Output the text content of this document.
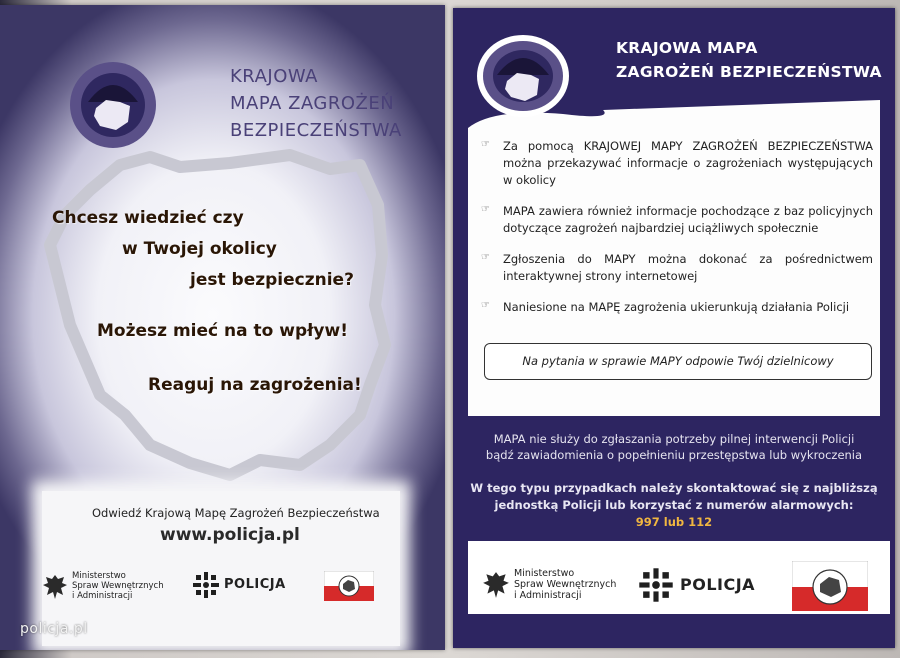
KRAJOWA
MAPA ZAGROŻEŃ
BEZPIECZEŃSTWA
Chcesz wiedzieć czy
w Twojej okolicy
jest bezpiecznie?
Możesz mieć na to wpływ!
Reaguj na zagrożenia!
Odwiedź Krajową Mapę Zagrożeń Bezpieczeństwa
www.policja.pl
Ministerstwo
Spraw Wewnętrznych
i Administracji
POLICJA
KRAJOWA MAPA
ZAGROŻEŃ BEZPIECZEŃSTWA
☞ Za pomocą KRAJOWEJ MAPY ZAGROŻEŃ BEZPIECZEŃSTWA można przekazywać informacje o zagrożeniach występujących w okolicy
☞ MAPA zawiera również informacje pochodzące z baz policyjnych dotyczące zagrożeń najbardziej uciążliwych społecznie
☞ Zgłoszenia do MAPY można dokonać za pośrednictwem interaktywnej strony internetowej
☞ Naniesione na MAPĘ zagrożenia ukierunkują działania Policji
Na pytania w sprawie MAPY odpowie Twój dzielnicowy
MAPA nie służy do zgłaszania potrzeby pilnej interwencji Policji
bądź zawiadomienia o popełnieniu przestępstwa lub wykroczenia
W tego typu przypadkach należy skontaktować się z najbliższą
jednostką Policji lub korzystać z numerów alarmowych:
997 lub 112
Ministerstwo
Spraw Wewnętrznych
i Administracji
POLICJA
policja.pl
